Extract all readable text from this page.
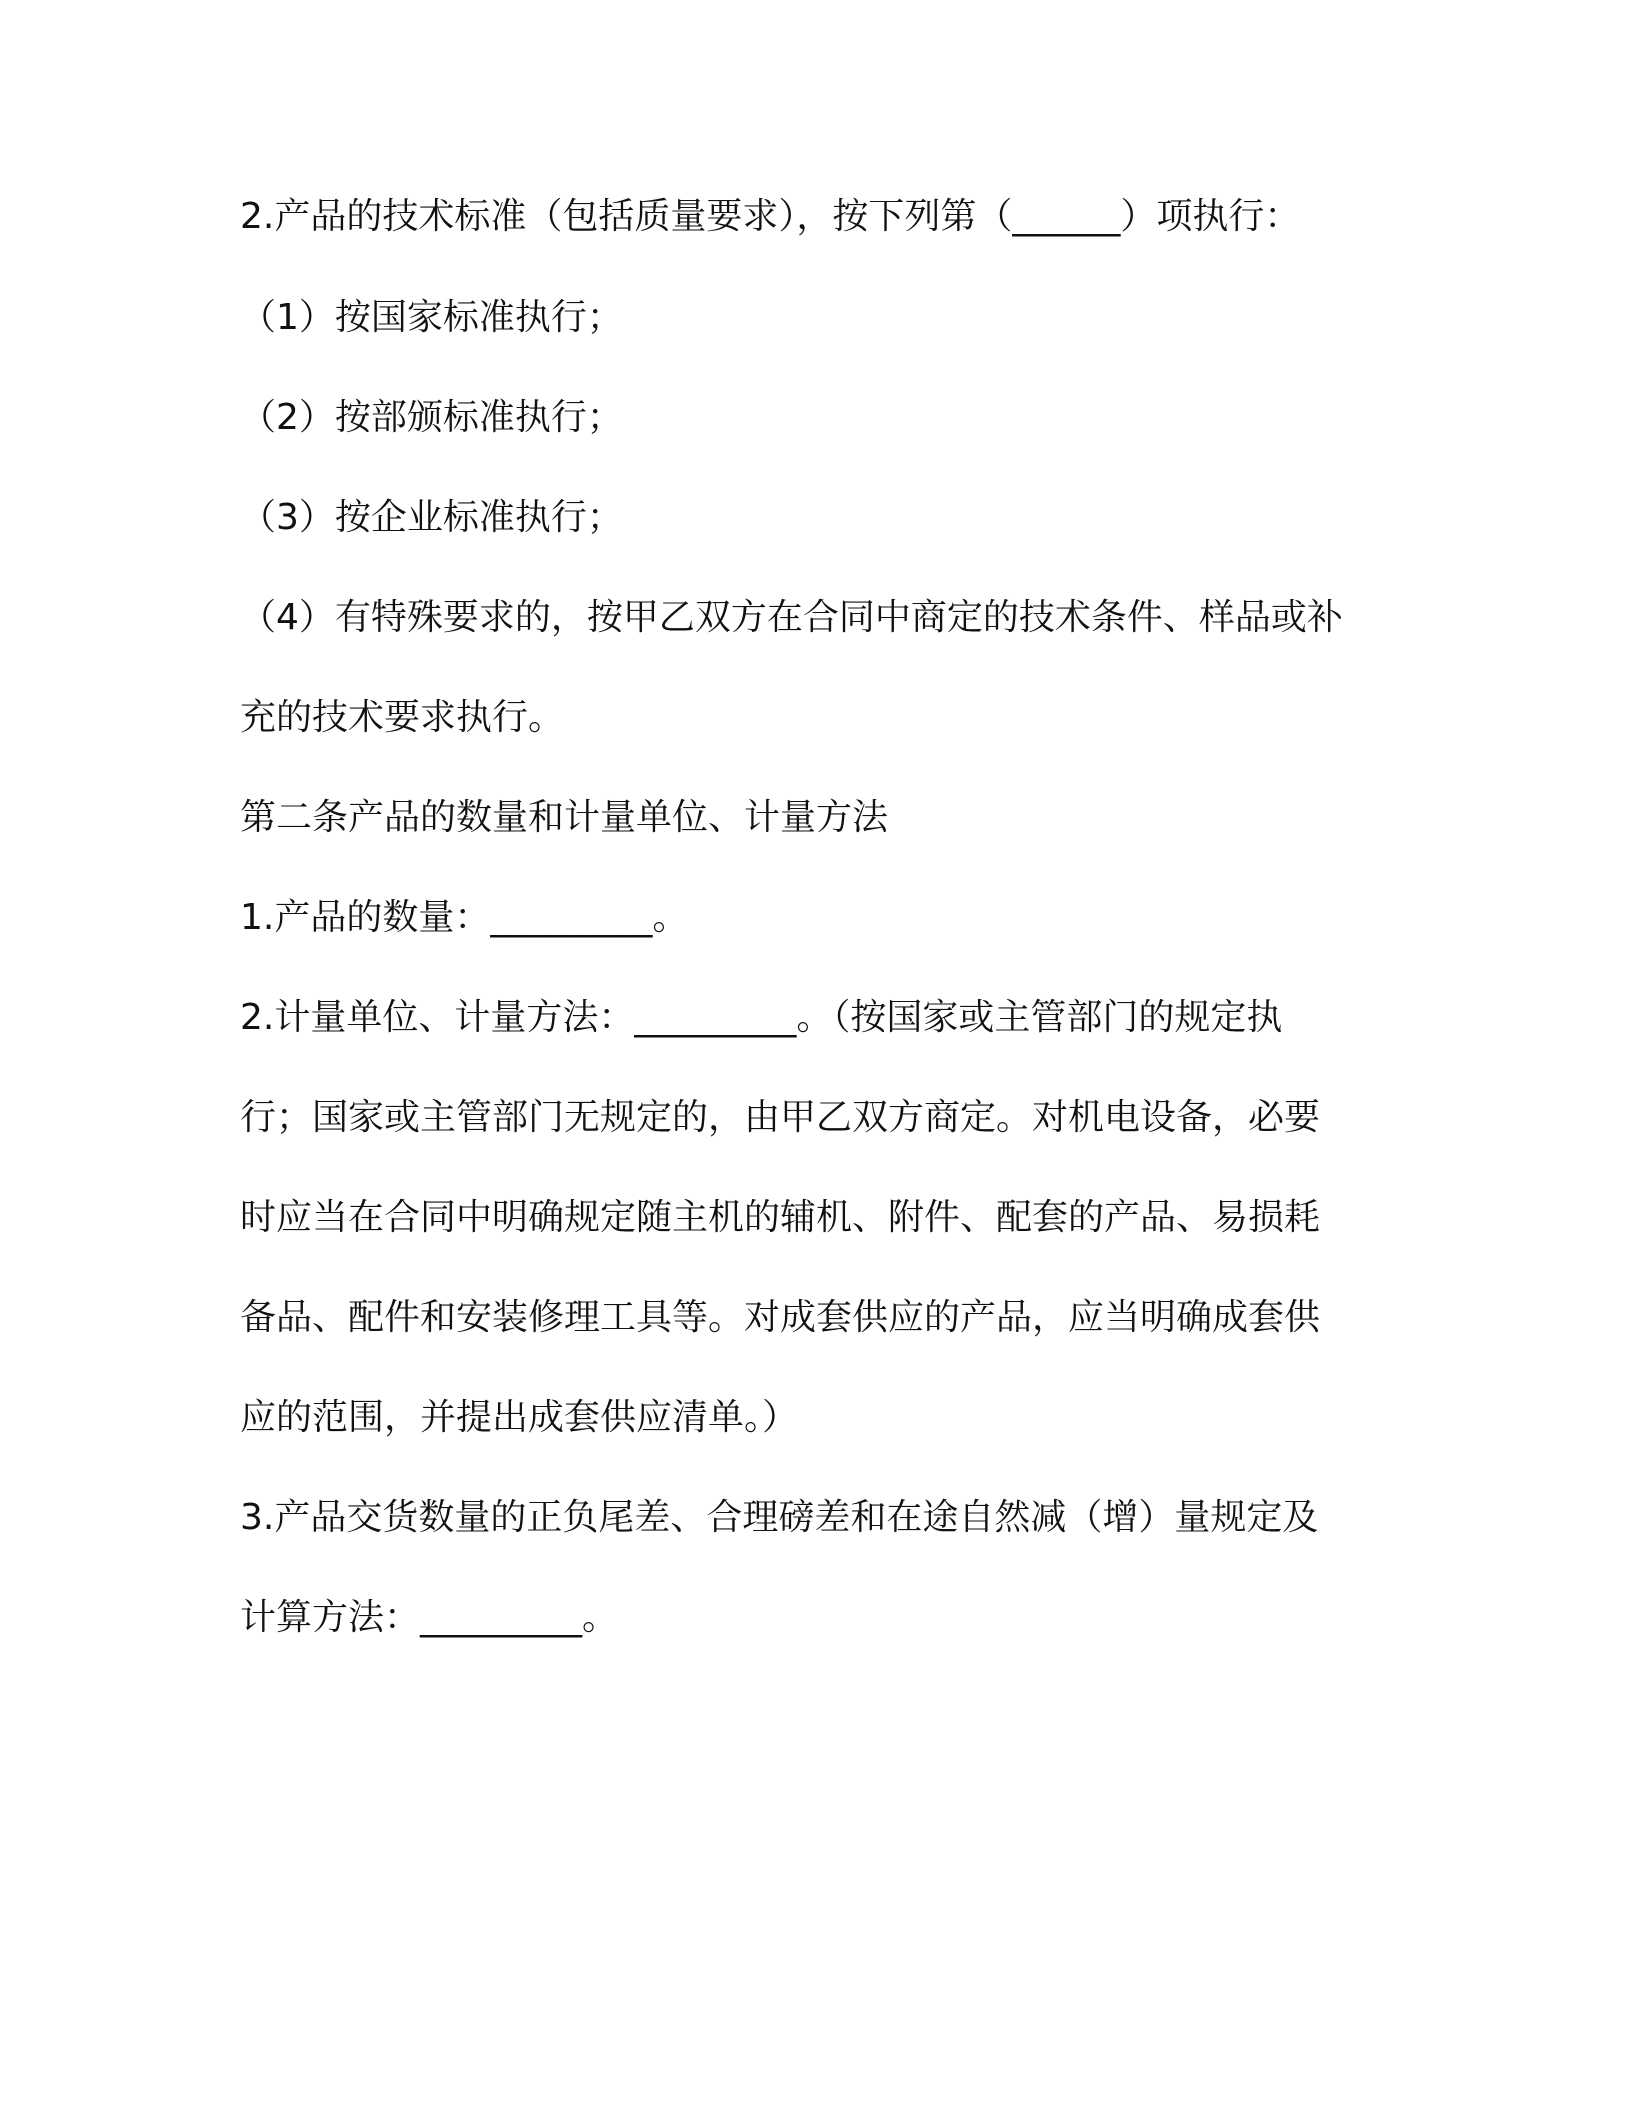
2.产品的技术标准（包括质量要求），按下列第（______）项执行：
（1）按国家标准执行；
（2）按部颁标准执行；
（3）按企业标准执行；
（4）有特殊要求的，按甲乙双方在合同中商定的技术条件、样品或补
充的技术要求执行。
第二条产品的数量和计量单位、计量方法
1.产品的数量：_________。
2.计量单位、计量方法：_________。（按国家或主管部门的规定执
行；国家或主管部门无规定的，由甲乙双方商定。对机电设备，必要
时应当在合同中明确规定随主机的辅机、附件、配套的产品、易损耗
备品、配件和安装修理工具等。对成套供应的产品，应当明确成套供
应的范围，并提出成套供应清单。）
3.产品交货数量的正负尾差、合理磅差和在途自然减（增）量规定及
计算方法：_________。
